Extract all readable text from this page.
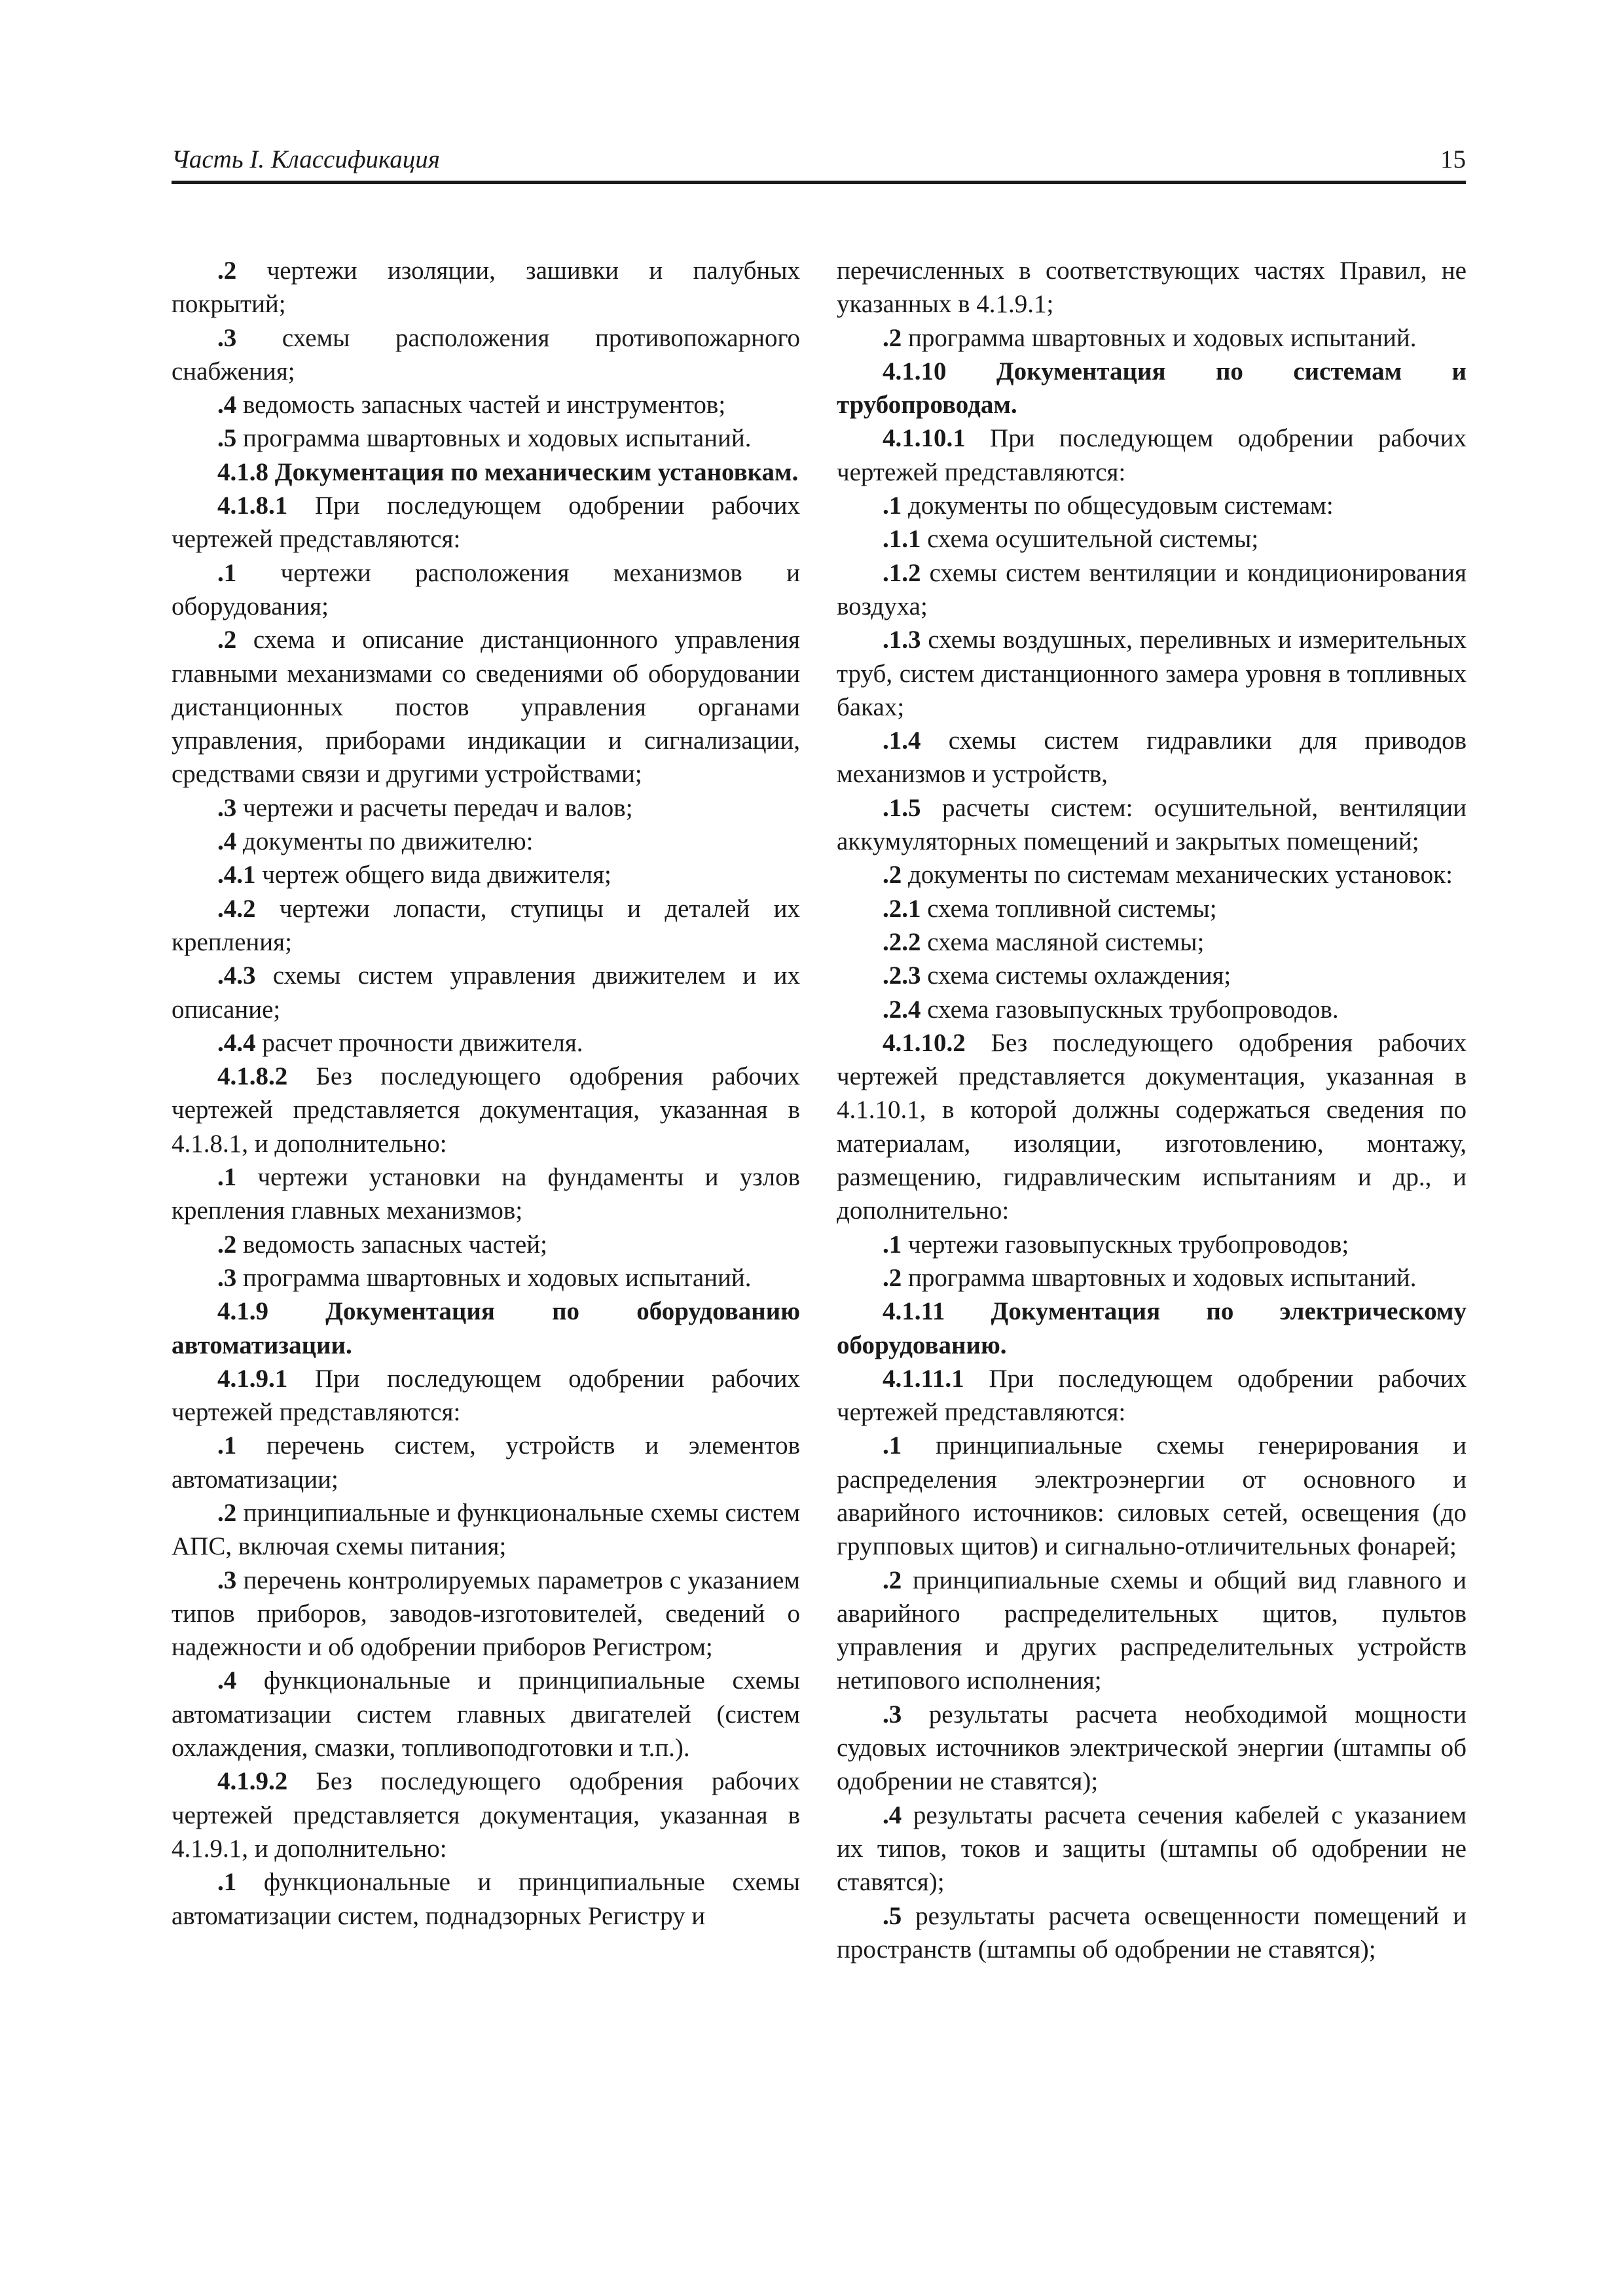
Часть I. Классификация	15

.2 чертежи изоляции, зашивки и палубных покрытий;

.3 схемы расположения противопожарного снабжения;

.4 ведомость запасных частей и инструментов;

.5 программа швартовных и ходовых испытаний.

4.1.8 Документация по механическим установкам.

4.1.8.1 При последующем одобрении рабочих чертежей представляются:

.1 чертежи расположения механизмов и оборудования;

.2 схема и описание дистанционного управления главными механизмами со сведениями об оборудовании дистанционных постов управления органами управления, приборами индикации и сигнализации, средствами связи и другими устройствами;

.3 чертежи и расчеты передач и валов;

.4 документы по движителю:

.4.1 чертеж общего вида движителя;

.4.2 чертежи лопасти, ступицы и деталей их крепления;

.4.3 схемы систем управления движителем и их описание;

.4.4 расчет прочности движителя.

4.1.8.2 Без последующего одобрения рабочих чертежей представляется документация, указанная в 4.1.8.1, и дополнительно:

.1 чертежи установки на фундаменты и узлов крепления главных механизмов;

.2 ведомость запасных частей;

.3 программа швартовных и ходовых испытаний.

4.1.9 Документация по оборудованию автоматизации.

4.1.9.1 При последующем одобрении рабочих чертежей представляются:

.1 перечень систем, устройств и элементов автоматизации;

.2 принципиальные и функциональные схемы систем АПС, включая схемы питания;

.3 перечень контролируемых параметров с указанием типов приборов, заводов-изготовителей, сведений о надежности и об одобрении приборов Регистром;

.4 функциональные и принципиальные схемы автоматизации систем главных двигателей (систем охлаждения, смазки, топливоподготовки и т.п.).

4.1.9.2 Без последующего одобрения рабочих чертежей представляется документация, указанная в 4.1.9.1, и дополнительно:

.1 функциональные и принципиальные схемы автоматизации систем, поднадзорных Регистру и

перечисленных в соответствующих частях Правил, не указанных в 4.1.9.1;

.2 программа швартовных и ходовых испытаний.

4.1.10 Документация по системам и трубопроводам.

4.1.10.1 При последующем одобрении рабочих чертежей представляются:

.1 документы по общесудовым системам:

.1.1 схема осушительной системы;

.1.2 схемы систем вентиляции и кондиционирования воздуха;

.1.3 схемы воздушных, переливных и измерительных труб, систем дистанционного замера уровня в топливных баках;

.1.4 схемы систем гидравлики для приводов механизмов и устройств,

.1.5 расчеты систем: осушительной, вентиляции аккумуляторных помещений и закрытых помещений;

.2 документы по системам механических установок:

.2.1 схема топливной системы;

.2.2 схема масляной системы;

.2.3 схема системы охлаждения;

.2.4 схема газовыпускных трубопроводов.

4.1.10.2 Без последующего одобрения рабочих чертежей представляется документация, указанная в 4.1.10.1, в которой должны содержаться сведения по материалам, изоляции, изготовлению, монтажу, размещению, гидравлическим испытаниям и др., и дополнительно:

.1 чертежи газовыпускных трубопроводов;

.2 программа швартовных и ходовых испытаний.

4.1.11 Документация по электрическому оборудованию.

4.1.11.1 При последующем одобрении рабочих чертежей представляются:

.1 принципиальные схемы генерирования и распределения электроэнергии от основного и аварийного источников: силовых сетей, освещения (до групповых щитов) и сигнально-отличительных фонарей;

.2 принципиальные схемы и общий вид главного и аварийного распределительных щитов, пультов управления и других распределительных устройств нетипового исполнения;

.3 результаты расчета необходимой мощности судовых источников электрической энергии (штампы об одобрении не ставятся);

.4 результаты расчета сечения кабелей с указанием их типов, токов и защиты (штампы об одобрении не ставятся);

.5 результаты расчета освещенности помещений и пространств (штампы об одобрении не ставятся);
